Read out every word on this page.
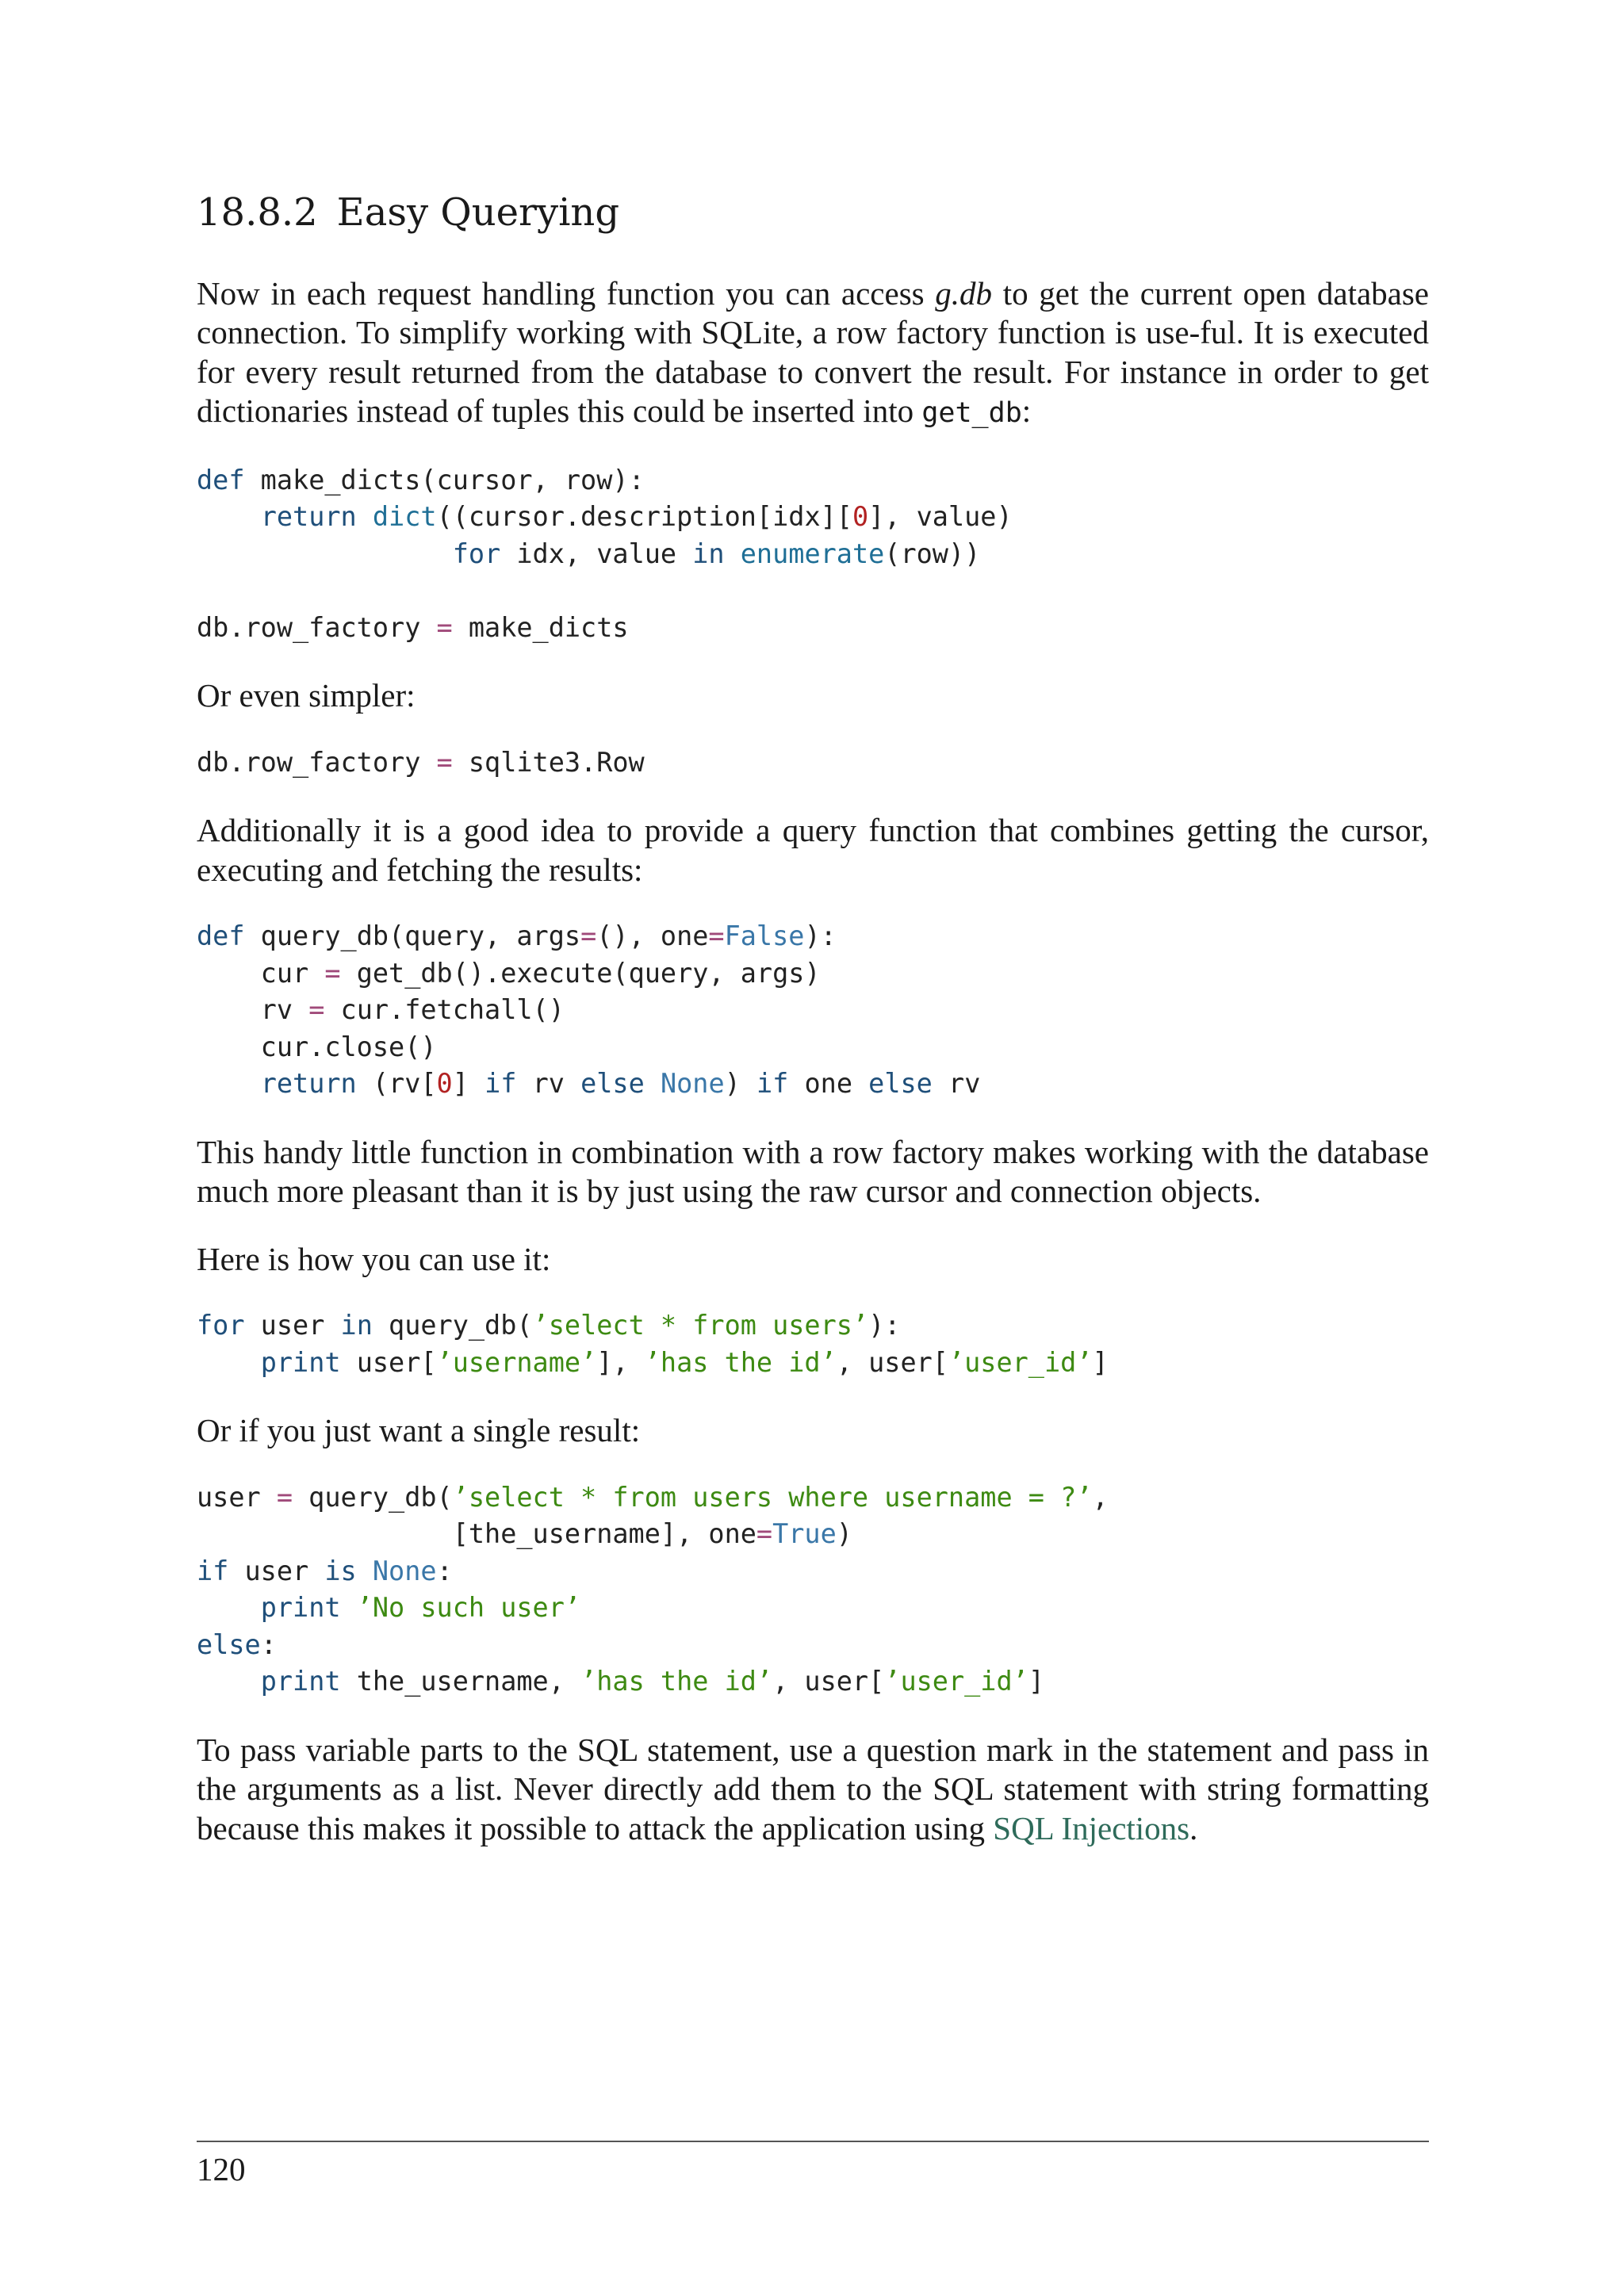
18.8.2 Easy Querying

Now in each request handling function you can access g.db to get the current open database connection. To simplify working with SQLite, a row factory function is use-ful. It is executed for every result returned from the database to convert the result. For instance in order to get dictionaries instead of tuples this could be inserted into get_db:

def make_dicts(cursor, row):
return dict((cursor.description[idx][0], value)
for idx, value in enumerate(row))

db.row_factory = make_dicts

Or even simpler:

db.row_factory = sqlite3.Row

Additionally it is a good idea to provide a query function that combines getting the cursor, executing and fetching the results:

def query_db(query, args=(), one=False):
cur = get_db().execute(query, args)
rv = cur.fetchall()
cur.close()
return (rv[0] if rv else None) if one else rv

This handy little function in combination with a row factory makes working with the database much more pleasant than it is by just using the raw cursor and connection objects.

Here is how you can use it:

for user in query_db(’select * from users’):
print user[’username’], ’has the id’, user[’user_id’]

Or if you just want a single result:

user = query_db(’select * from users where username = ?’,
[the_username], one=True)
if user is None:
print ’No such user’
else:
print the_username, ’has the id’, user[’user_id’]

To pass variable parts to the SQL statement, use a question mark in the statement and pass in the arguments as a list. Never directly add them to the SQL statement with string formatting because this makes it possible to attack the application using SQL Injections.

120
